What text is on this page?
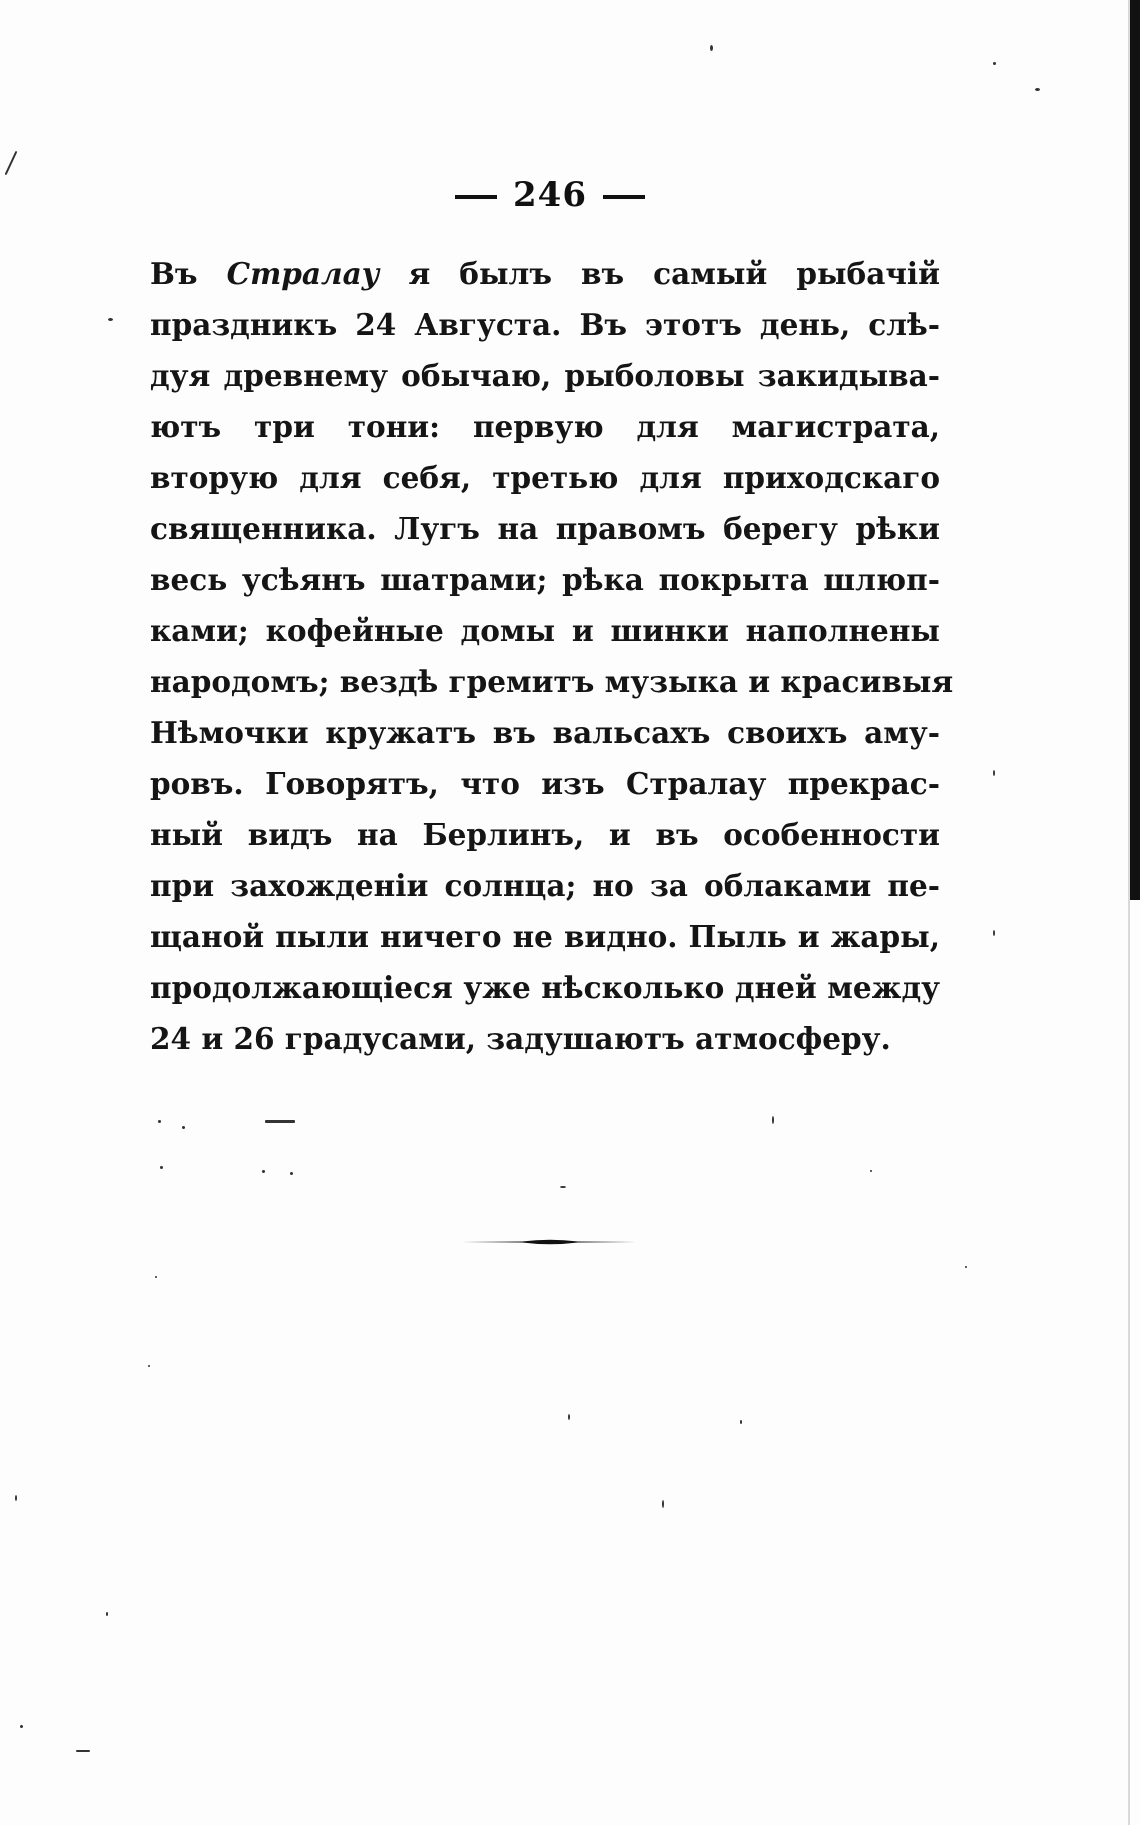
246
Въ Стралау я былъ въ самый рыбачій
праздникъ 24 Августа. Въ этотъ день, слѣ-
дуя древнему обычаю, рыболовы закидыва-
ютъ три тони: первую для магистрата,
вторую для себя, третью для приходскаго
священника. Лугъ на правомъ берегу рѣки
весь усѣянъ шатрами; рѣка покрыта шлюп-
ками; кофейные домы и шинки наполнены
народомъ; вездѣ гремитъ музыка и красивыя
Нѣмочки кружатъ въ вальсахъ своихъ аму-
ровъ. Говорятъ, что изъ Стралау прекрас-
ный видъ на Берлинъ, и въ особенности
при захожденіи солнца; но за облаками пе-
щаной пыли ничего не видно. Пыль и жары,
продолжающіеся уже нѣсколько дней между
24 и 26 градусами, задушаютъ атмосферу.
